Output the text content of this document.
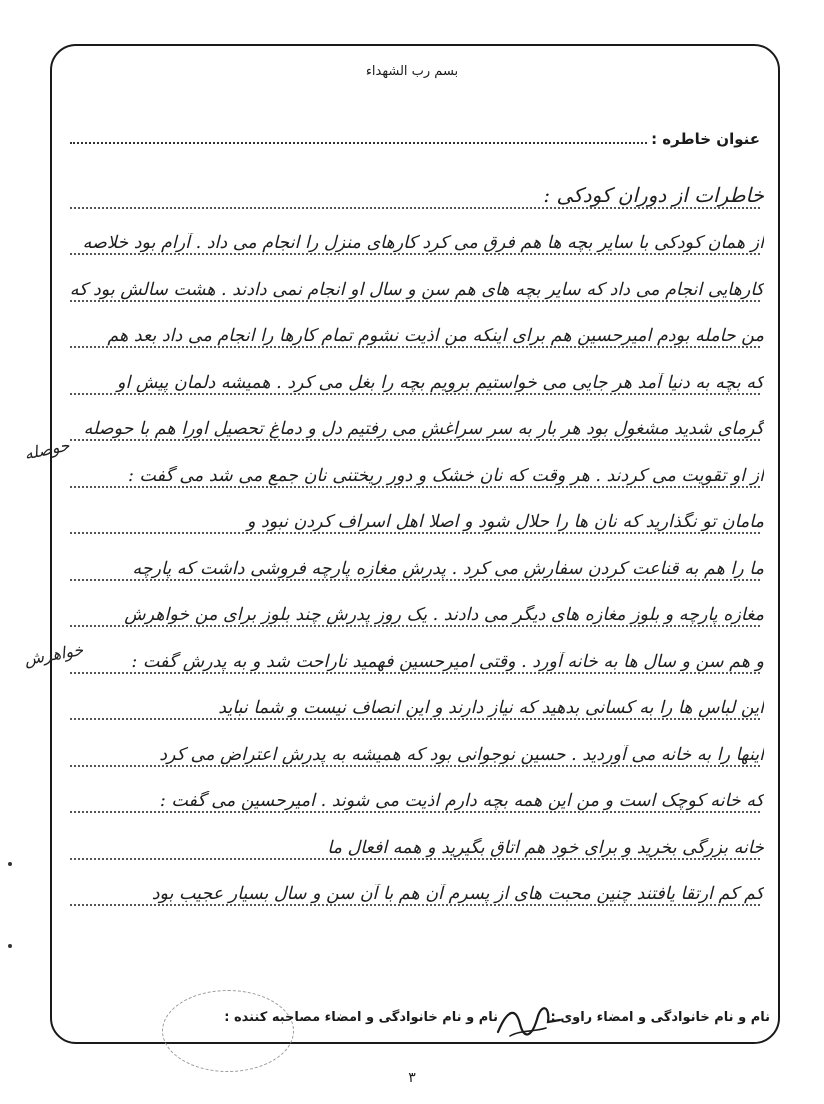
بسم رب الشهداء
عنوان خاطره :
خاطرات از دوران کودکی :
از همان کودکی با سایر بچه ها هم فرق می کرد کارهای منزل را انجام می داد . آرام بود خلاصه
کارهایی انجام می داد که سایر بچه های هم سن و سال او انجام نمی دادند . هشت سالش بود که
من حامله بودم امیرحسین هم برای اینکه من اذیت نشوم تمام کارها را انجام می داد بعد هم
که بچه به دنیا آمد هر جایی می خواستیم برویم بچه را بغل می کرد . همیشه دلمان پیش او
گرمای شدید مشغول بود هر بار به سر سراغش می رفتیم دل و دماغ تحصیل اورا هم با حوصله
از او تقویت می کردند . هر وقت که نان خشک و دور ریختنی نان جمع می شد می گفت :
مامان تو نگذارید که نان ها را حلال شود و اصلا اهل اسراف کردن نبود و
ما را هم به قناعت کردن سفارش می کرد . پدرش مغازه پارچه فروشی داشت که پارچه
مغازه پارچه و بلوز مغازه های دیگر می دادند . یک روز پدرش چند بلوز برای من خواهرش
و هم سن و سال ها به خانه آورد . وقتی امیرحسین فهمید ناراحت شد و به پدرش گفت :
این لباس ها را به کسانی بدهید که نیاز دارند و این انصاف نیست و شما نباید
اینها را به خانه می آوردید . حسین نوجوانی بود که همیشه به پدرش اعتراض می کرد
که خانه کوچک است و من این همه بچه دارم اذیت می شوند . امیرحسین می گفت :
خانه بزرگی بخرید و برای خود هم اتاق بگیرید و همه افعال ما
کم کم ارتقا یافتند چنین محبت های از پسرم آن هم با آن سن و سال بسیار عجیب بود
حوصله
خواهرش
نام و نام خانوادگی و امضاء راوی :
نام و نام خانوادگی و امضاء مصاحبه کننده :
۳
